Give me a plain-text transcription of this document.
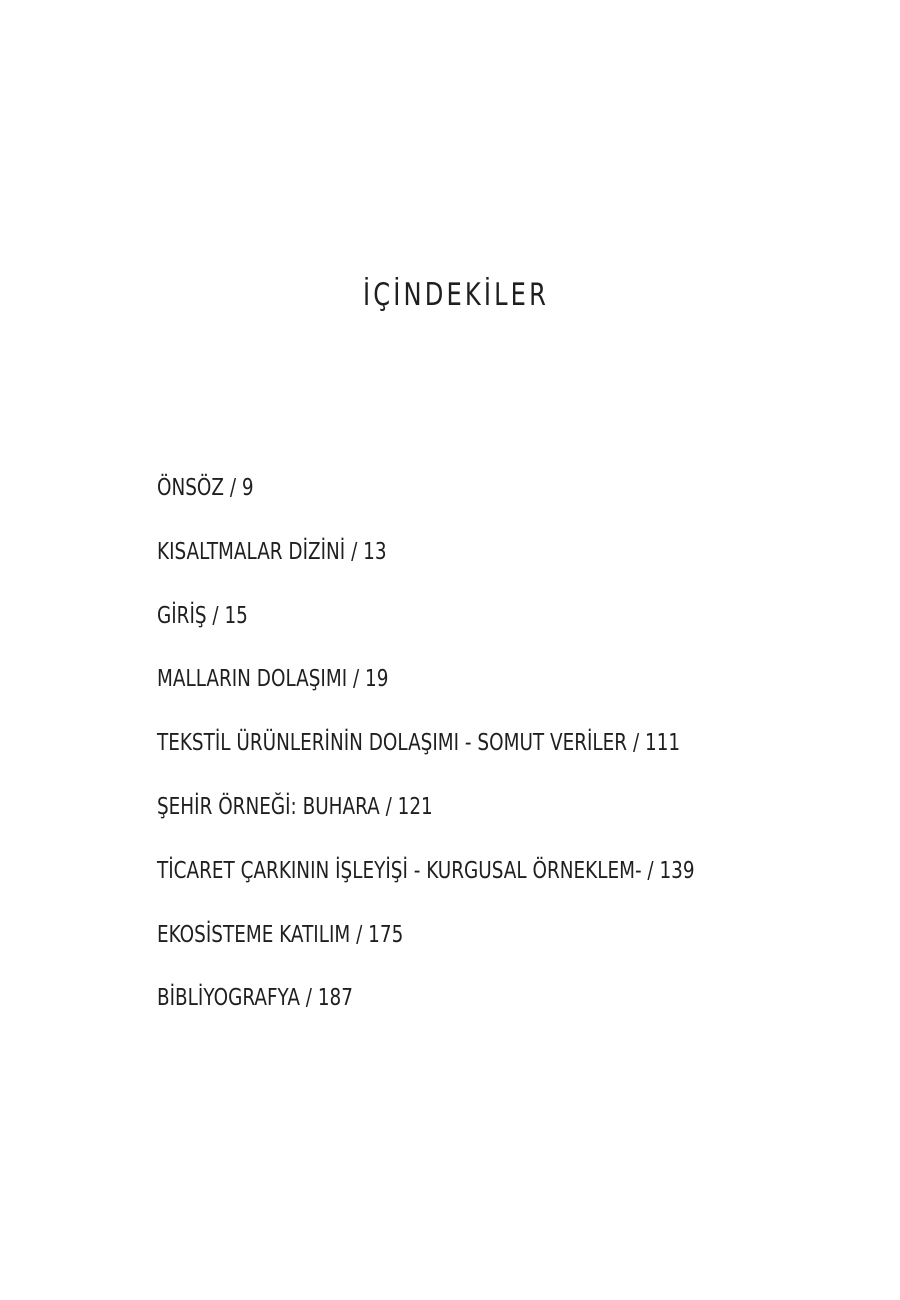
İÇİNDEKİLER
ÖNSÖZ / 9
KISALTMALAR DİZİNİ / 13
GİRİŞ / 15
MALLARIN DOLAŞIMI / 19
TEKSTİL ÜRÜNLERİNİN DOLAŞIMI - SOMUT VERİLER / 111
ŞEHİR ÖRNEĞİ: BUHARA / 121
TİCARET ÇARKININ İŞLEYİŞİ - KURGUSAL ÖRNEKLEM- / 139
EKOSİSTEME KATILIM / 175
BİBLİYOGRAFYA / 187
